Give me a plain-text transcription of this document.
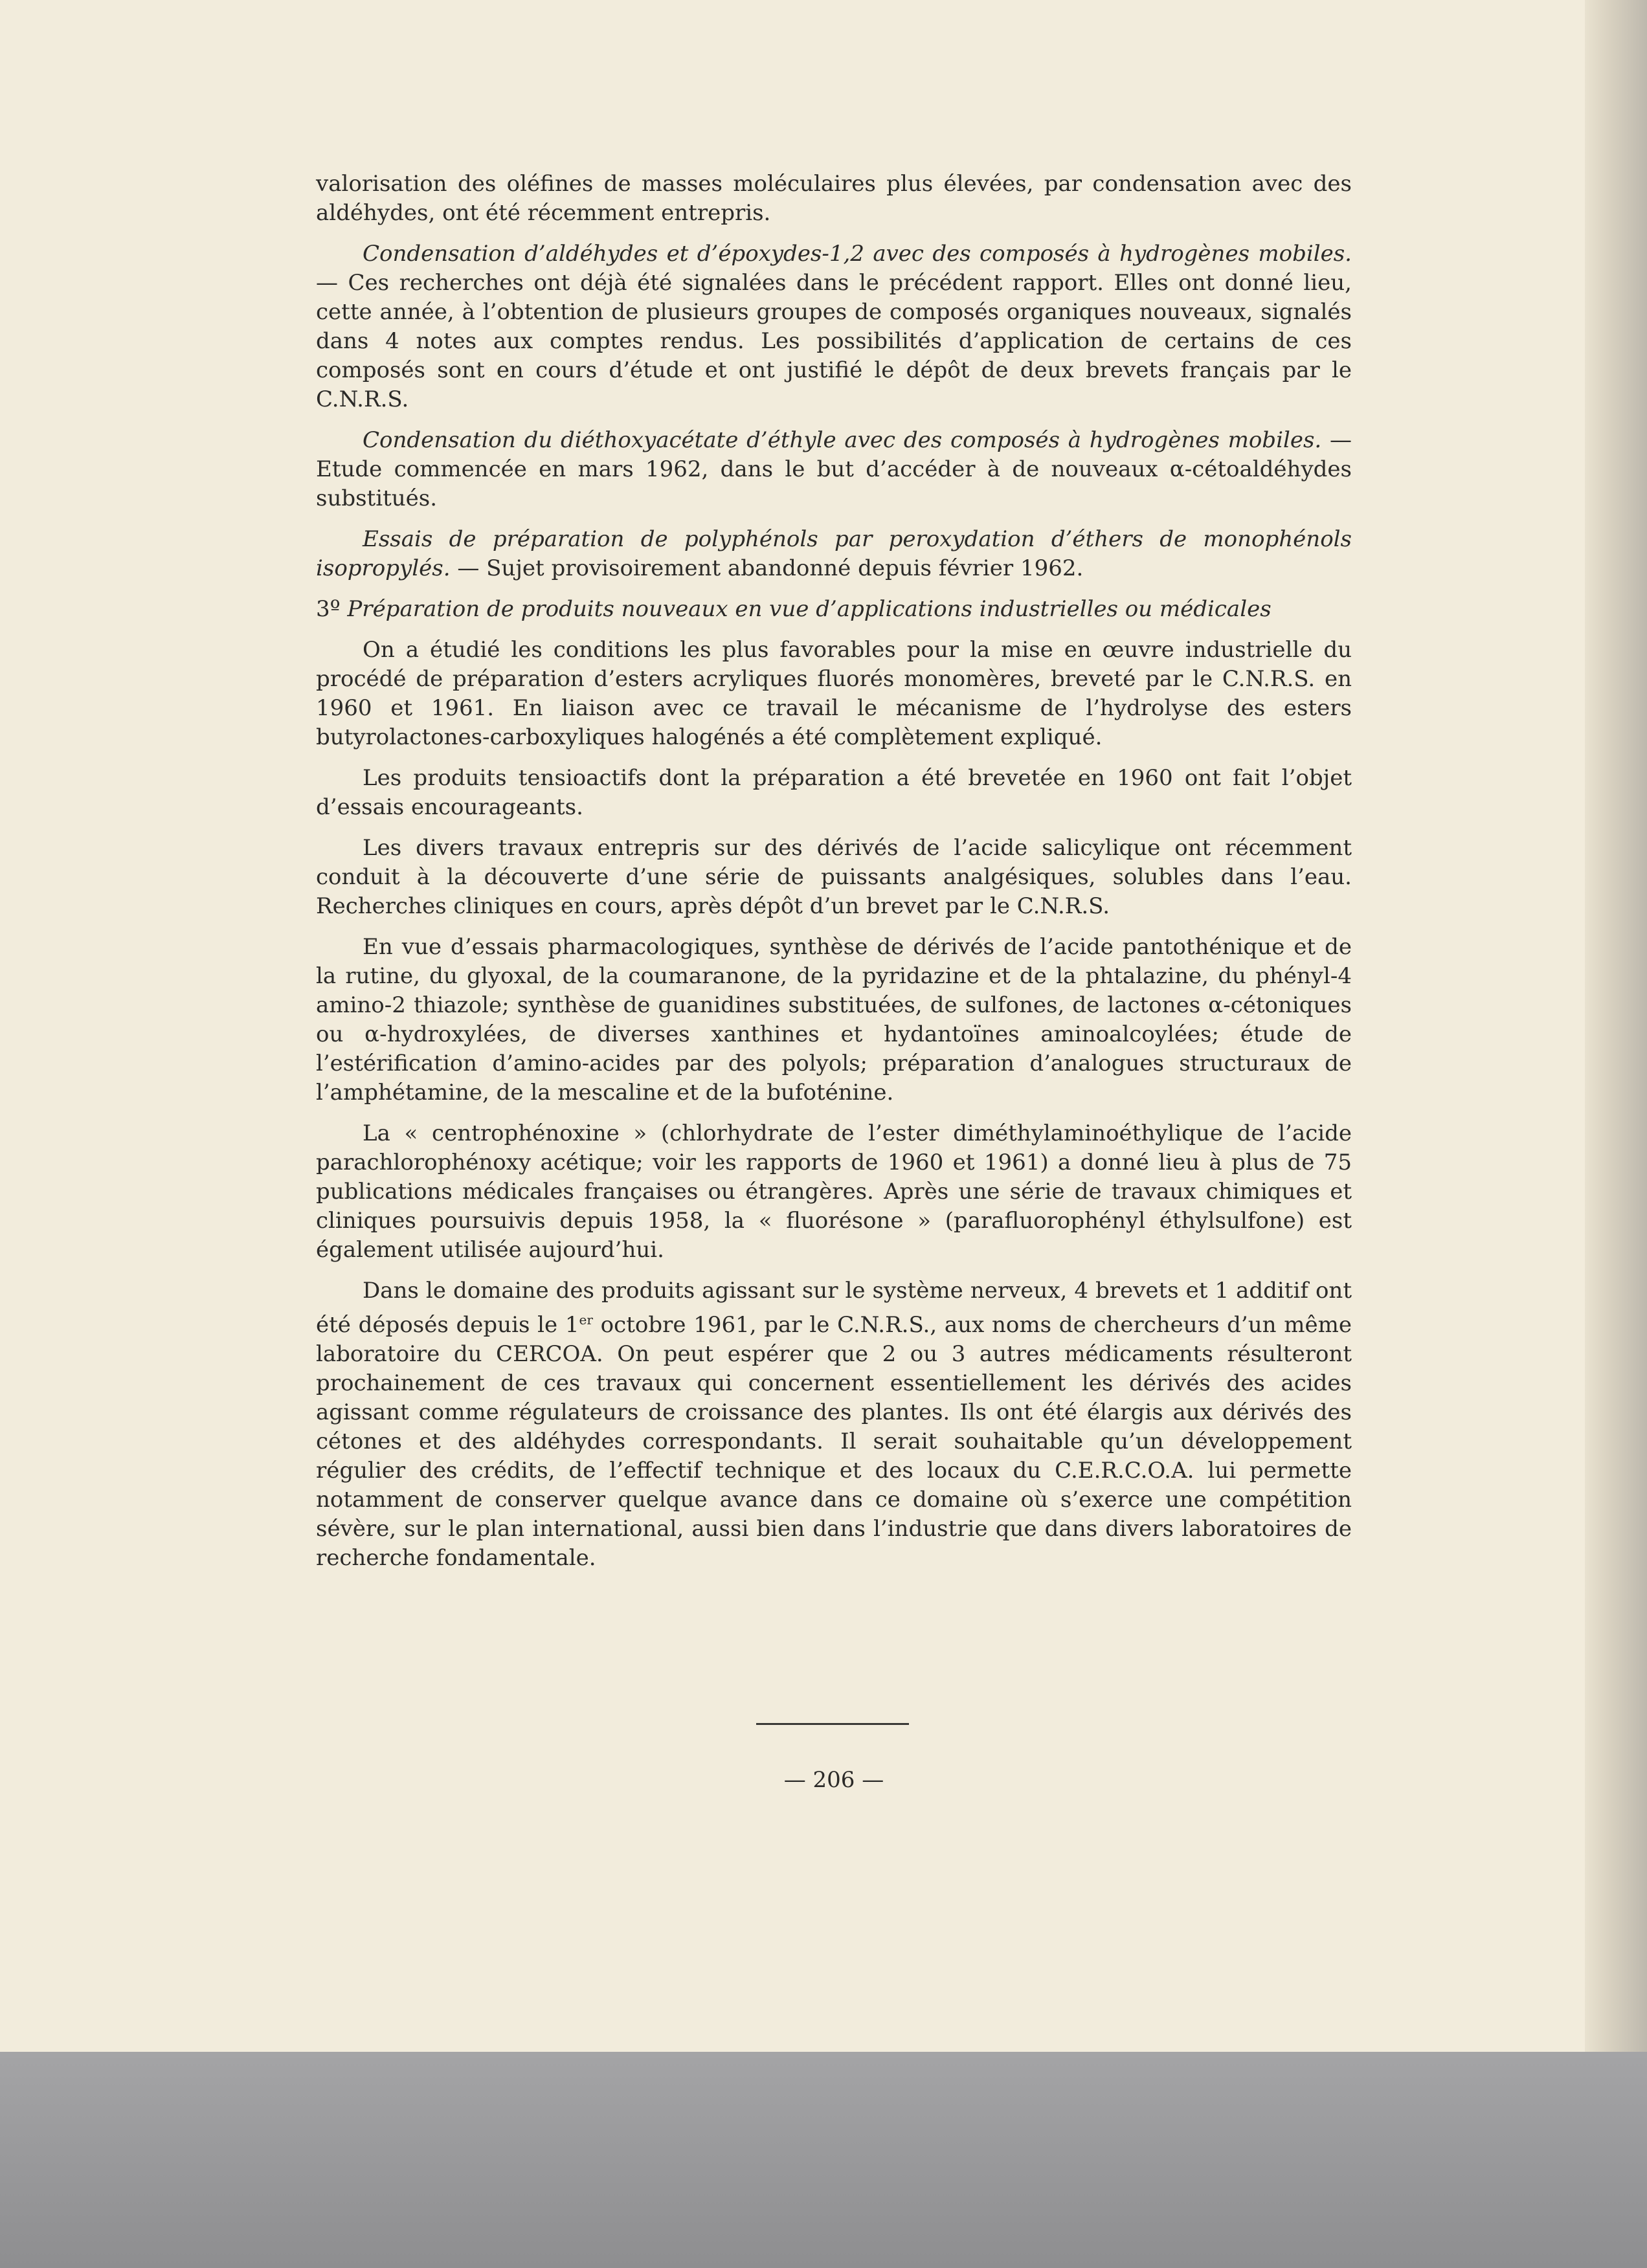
valorisation des oléfines de masses moléculaires plus élevées, par condensation avec des aldéhydes, ont été récemment entrepris.

Condensation d’aldéhydes et d’époxydes-1,2 avec des composés à hydrogènes mobiles. — Ces recherches ont déjà été signalées dans le précédent rapport. Elles ont donné lieu, cette année, à l’obtention de plusieurs groupes de composés organiques nouveaux, signalés dans 4 notes aux comptes rendus. Les possibilités d’application de certains de ces composés sont en cours d’étude et ont justifié le dépôt de deux brevets français par le C.N.R.S.

Condensation du diéthoxyacétate d’éthyle avec des composés à hydrogènes mobiles. — Etude commencée en mars 1962, dans le but d’accéder à de nouveaux α-cétoaldéhydes substitués.

Essais de préparation de polyphénols par peroxydation d’éthers de monophénols isopropylés. — Sujet provisoirement abandonné depuis février 1962.

3º Préparation de produits nouveaux en vue d’applications industrielles ou médicales

On a étudié les conditions les plus favorables pour la mise en œuvre industrielle du procédé de préparation d’esters acryliques fluorés monomères, breveté par le C.N.R.S. en 1960 et 1961. En liaison avec ce travail le mécanisme de l’hydrolyse des esters butyrolactones-carboxyliques halogénés a été complètement expliqué.

Les produits tensioactifs dont la préparation a été brevetée en 1960 ont fait l’objet d’essais encourageants.

Les divers travaux entrepris sur des dérivés de l’acide salicylique ont récemment conduit à la découverte d’une série de puissants analgésiques, solubles dans l’eau. Recherches cliniques en cours, après dépôt d’un brevet par le C.N.R.S.

En vue d’essais pharmacologiques, synthèse de dérivés de l’acide pantothénique et de la rutine, du glyoxal, de la coumaranone, de la pyridazine et de la phtalazine, du phényl-4 amino-2 thiazole; synthèse de guanidines substituées, de sulfones, de lactones α-cétoniques ou α-hydroxylées, de diverses xanthines et hydantoïnes aminoalcoylées; étude de l’estérification d’amino-acides par des polyols; préparation d’analogues structuraux de l’amphétamine, de la mescaline et de la bufoténine.

La « centrophénoxine » (chlorhydrate de l’ester diméthylaminoéthylique de l’acide parachlorophénoxy acétique; voir les rapports de 1960 et 1961) a donné lieu à plus de 75 publications médicales françaises ou étrangères. Après une série de travaux chimiques et cliniques poursuivis depuis 1958, la « fluorésone » (parafluorophényl éthylsulfone) est également utilisée aujourd’hui.

Dans le domaine des produits agissant sur le système nerveux, 4 brevets et 1 additif ont été déposés depuis le 1er octobre 1961, par le C.N.R.S., aux noms de chercheurs d’un même laboratoire du CERCOA. On peut espérer que 2 ou 3 autres médicaments résulteront prochainement de ces travaux qui concernent essentiellement les dérivés des acides agissant comme régulateurs de croissance des plantes. Ils ont été élargis aux dérivés des cétones et des aldéhydes correspondants. Il serait souhaitable qu’un développement régulier des crédits, de l’effectif technique et des locaux du C.E.R.C.O.A. lui permette notamment de conserver quelque avance dans ce domaine où s’exerce une compétition sévère, sur le plan international, aussi bien dans l’industrie que dans divers laboratoires de recherche fondamentale.

— 206 —
